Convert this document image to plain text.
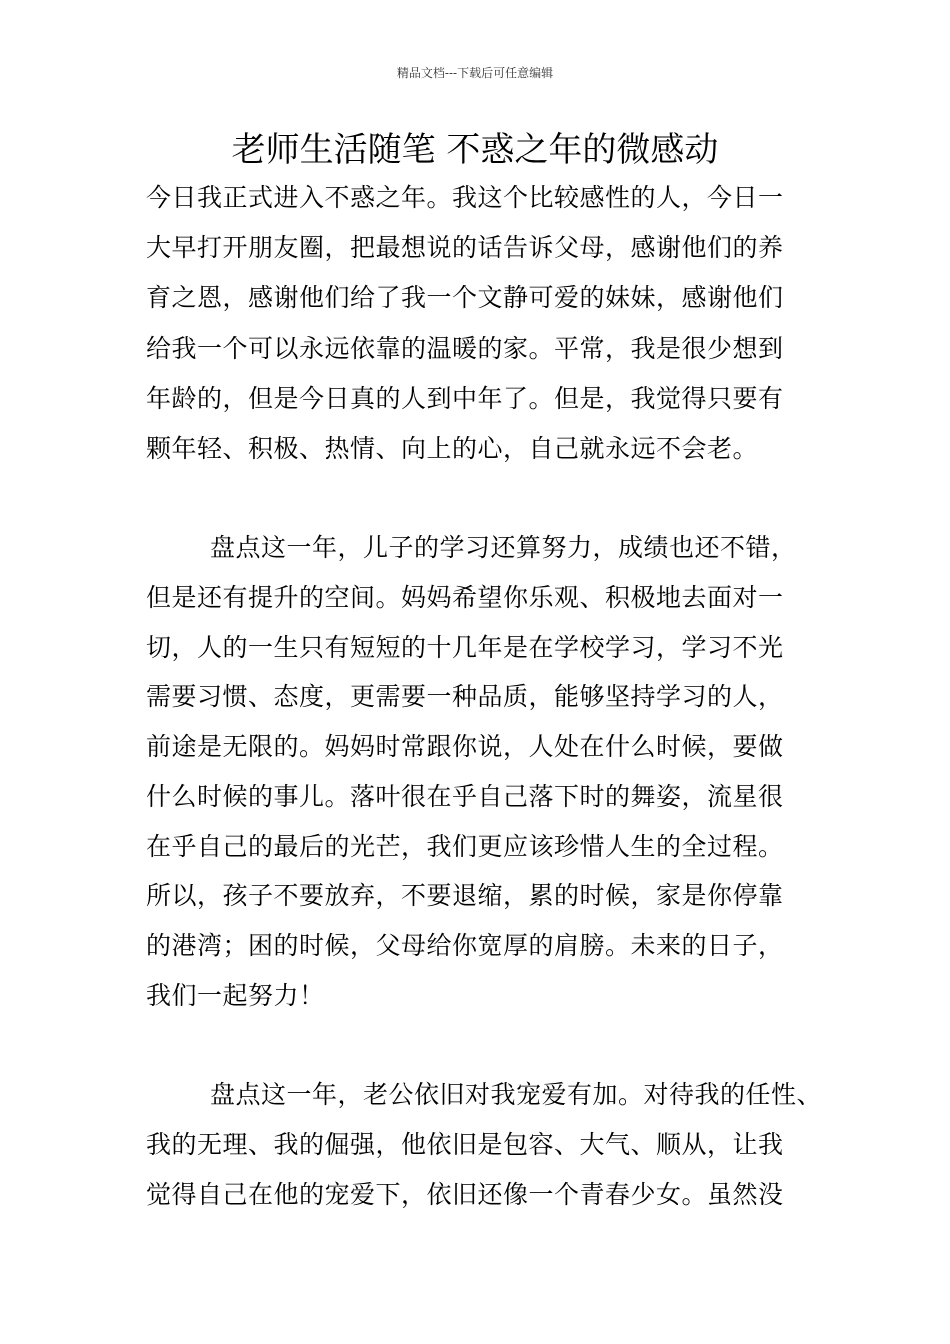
精品文档---下载后可任意编辑
老师生活随笔 不惑之年的微感动
今日我正式进入不惑之年。我这个比较感性的人，今日一
大早打开朋友圈，把最想说的话告诉父母，感谢他们的养
育之恩，感谢他们给了我一个文静可爱的妹妹，感谢他们
给我一个可以永远依靠的温暖的家。平常，我是很少想到
年龄的，但是今日真的人到中年了。但是，我觉得只要有
颗年轻、积极、热情、向上的心，自己就永远不会老。
盘点这一年，儿子的学习还算努力，成绩也还不错，
但是还有提升的空间。妈妈希望你乐观、积极地去面对一
切，人的一生只有短短的十几年是在学校学习，学习不光
需要习惯、态度，更需要一种品质，能够坚持学习的人，
前途是无限的。妈妈时常跟你说，人处在什么时候，要做
什么时候的事儿。落叶很在乎自己落下时的舞姿，流星很
在乎自己的最后的光芒，我们更应该珍惜人生的全过程。
所以，孩子不要放弃，不要退缩，累的时候，家是你停靠
的港湾；困的时候，父母给你宽厚的肩膀。未来的日子，
我们一起努力！
盘点这一年，老公依旧对我宠爱有加。对待我的任性、
我的无理、我的倔强，他依旧是包容、大气、顺从，让我
觉得自己在他的宠爱下，依旧还像一个青春少女。虽然没
